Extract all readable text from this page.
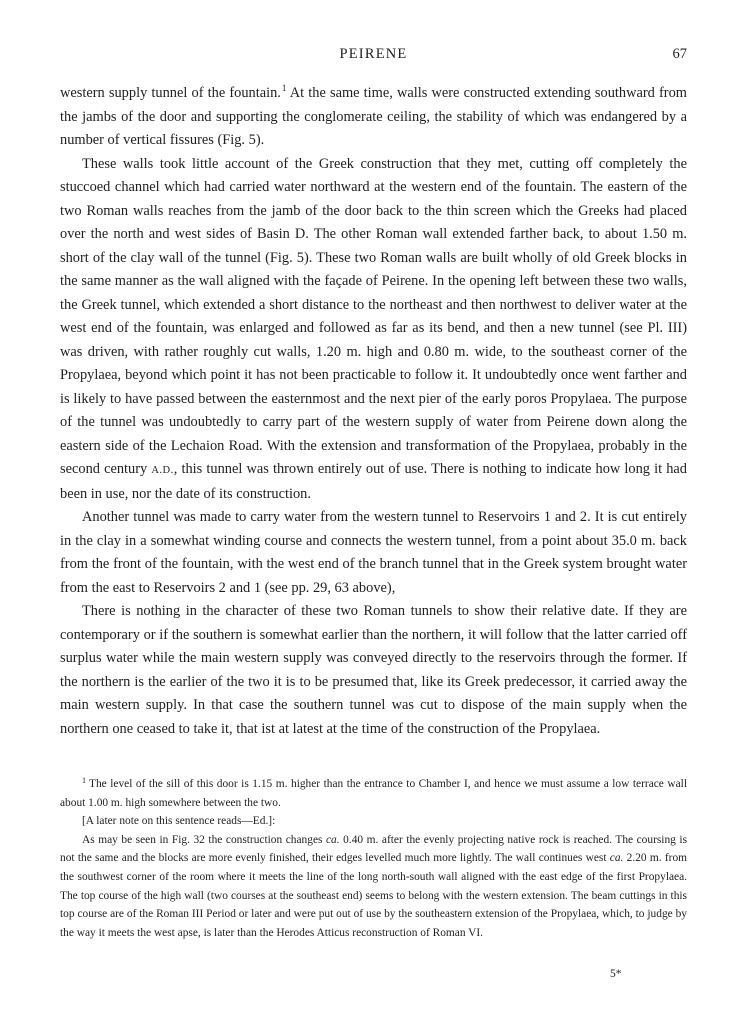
PEIRENE	67

western supply tunnel of the fountain.$^1$ At the same time, walls were constructed extending southward from the jambs of the door and supporting the conglomerate ceiling, the stability of which was endangered by a number of vertical fissures (Fig. 5).

These walls took little account of the Greek construction that they met, cutting off completely the stuccoed channel which had carried water northward at the western end of the fountain. The eastern of the two Roman walls reaches from the jamb of the door back to the thin screen which the Greeks had placed over the north and west sides of Basin D. The other Roman wall extended farther back, to about 1.50 m. short of the clay wall of the tunnel (Fig. 5). These two Roman walls are built wholly of old Greek blocks in the same manner as the wall aligned with the façade of Peirene. In the opening left between these two walls, the Greek tunnel, which extended a short distance to the northeast and then northwest to deliver water at the west end of the fountain, was enlarged and followed as far as its bend, and then a new tunnel (see Pl. III) was driven, with rather roughly cut walls, 1.20 m. high and 0.80 m. wide, to the southeast corner of the Propylaea, beyond which point it has not been practicable to follow it. It undoubtedly once went farther and is likely to have passed between the easternmost and the next pier of the early poros Propylaea. The purpose of the tunnel was undoubtedly to carry part of the western supply of water from Peirene down along the eastern side of the Lechaion Road. With the extension and transformation of the Propylaea, probably in the second century A.D., this tunnel was thrown entirely out of use. There is nothing to indicate how long it had been in use, nor the date of its construction.

Another tunnel was made to carry water from the western tunnel to Reservoirs 1 and 2. It is cut entirely in the clay in a somewhat winding course and connects the western tunnel, from a point about 35.0 m. back from the front of the fountain, with the west end of the branch tunnel that in the Greek system brought water from the east to Reservoirs 2 and 1 (see pp. 29, 63 above),

There is nothing in the character of these two Roman tunnels to show their relative date. If they are contemporary or if the southern is somewhat earlier than the northern, it will follow that the latter carried off surplus water while the main western supply was conveyed directly to the reservoirs through the former. If the northern is the earlier of the two it is to be presumed that, like its Greek predecessor, it carried away the main western supply. In that case the southern tunnel was cut to dispose of the main supply when the northern one ceased to take it, that ist at latest at the time of the construction of the Propylaea.

$^1$ The level of the sill of this door is 1.15 m. higher than the entrance to Chamber I, and hence we must assume a low terrace wall about 1.00 m. high somewhere between the two.

[A later note on this sentence reads—Ed.]:

As may be seen in Fig. 32 the construction changes ca. 0.40 m. after the evenly projecting native rock is reached. The coursing is not the same and the blocks are more evenly finished, their edges levelled much more lightly. The wall continues west ca. 2.20 m. from the southwest corner of the room where it meets the line of the long north-south wall aligned with the east edge of the first Propylaea. The top course of the high wall (two courses at the southeast end) seems to belong with the western extension. The beam cuttings in this top course are of the Roman III Period or later and were put out of use by the southeastern extension of the Propylaea, which, to judge by the way it meets the west apse, is later than the Herodes Atticus reconstruction of Roman VI.

5*
